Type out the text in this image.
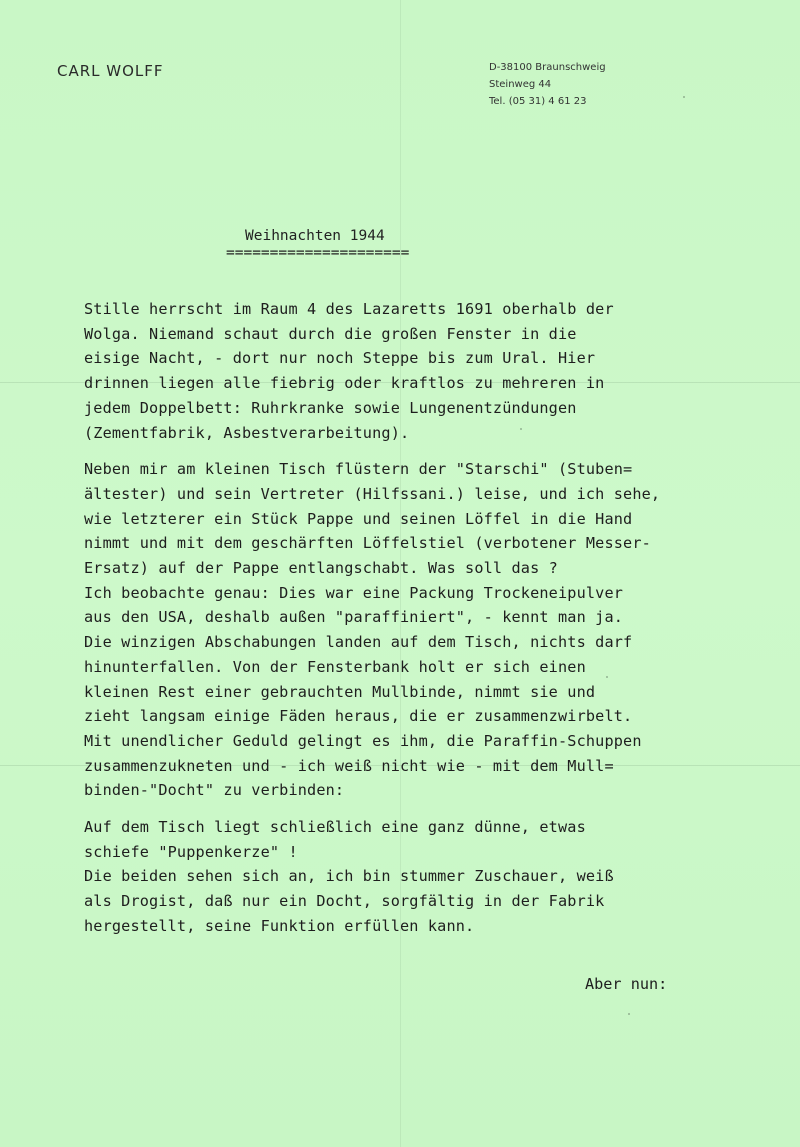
CARL WOLFF	D-38100 Braunschweig
Steinweg 44
Tel. (05 31) 4 61 23
Weihnachten 1944
=====================
Stille herrscht im Raum 4 des Lazaretts 1691 oberhalb der
Wolga. Niemand schaut durch die großen Fenster in die
eisige Nacht, - dort nur noch Steppe bis zum Ural. Hier
drinnen liegen alle fiebrig oder kraftlos zu mehreren in
jedem Doppelbett: Ruhrkranke sowie Lungenentzündungen
(Zementfabrik, Asbestverarbeitung).
Neben mir am kleinen Tisch flüstern der "Starschi" (Stuben=
ältester) und sein Vertreter (Hilfssani.) leise, und ich sehe,
wie letzterer ein Stück Pappe und seinen Löffel in die Hand
nimmt und mit dem geschärften Löffelstiel (verbotener Messer-
Ersatz) auf der Pappe entlangschabt. Was soll das ?
Ich beobachte genau: Dies war eine Packung Trockeneipulver
aus den USA, deshalb außen "paraffiniert", - kennt man ja.
Die winzigen Abschabungen landen auf dem Tisch, nichts darf
hinunterfallen. Von der Fensterbank holt er sich einen
kleinen Rest einer gebrauchten Mullbinde, nimmt sie und
zieht langsam einige Fäden heraus, die er zusammenzwirbelt.
Mit unendlicher Geduld gelingt es ihm, die Paraffin-Schuppen
zusammenzukneten und - ich weiß nicht wie - mit dem Mull=
binden-"Docht" zu verbinden:
Auf dem Tisch liegt schließlich eine ganz dünne, etwas
schiefe "Puppenkerze" !
Die beiden sehen sich an, ich bin stummer Zuschauer, weiß
als Drogist, daß nur ein Docht, sorgfältig in der Fabrik
hergestellt, seine Funktion erfüllen kann.
Aber nun:
